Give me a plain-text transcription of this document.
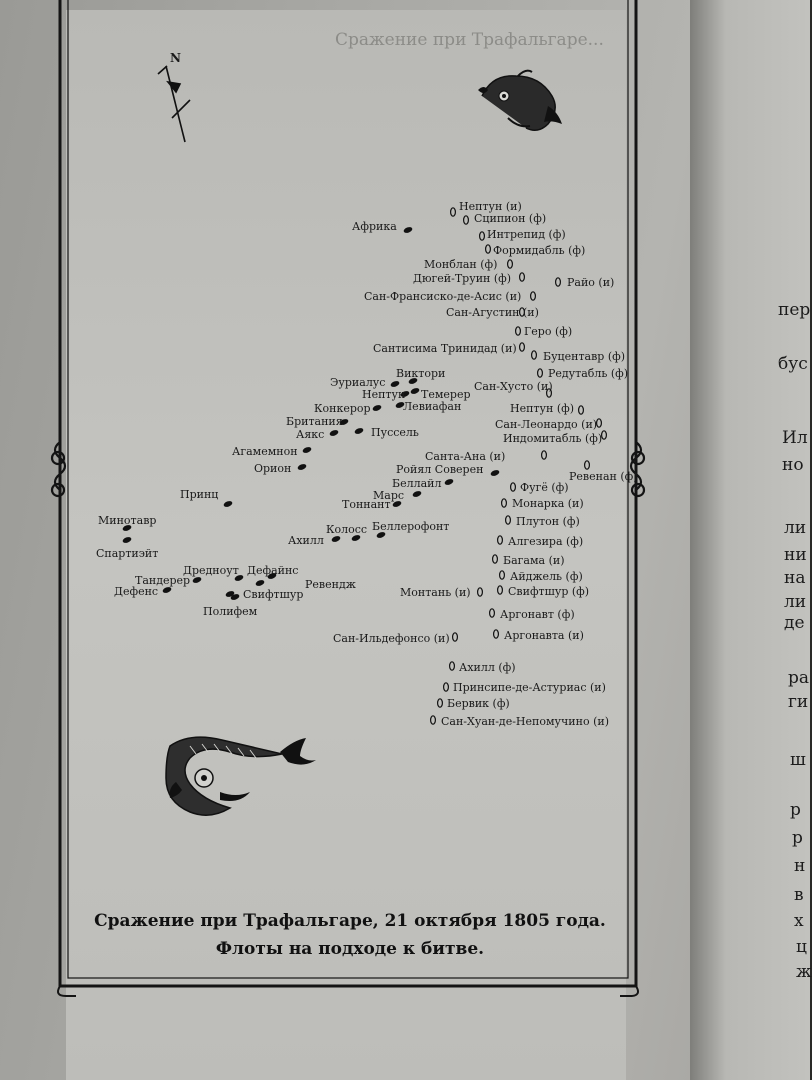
Сражение при Трафальгаре...
Африка
Виктори
Эуриалус
Нептун Темерер
Конкерор	Левиафан
Британия
Аякс	Пуссель
Агамемнон
Орион	Ройял Соверен
Беллайл
Марс
Тоннант
Принц
Минотавр
Спартиэйт
Беллерофонт
Колосс
Ахилл
Дредноут Дефайнс
Тандерер	Ревендж
Дефенс	Свифтшур
Полифем
Нептун (и)
Сципион (ф)
Интрепид (ф)
Формидабль (ф)
Монблан (ф)
Дюгей-Труин (ф)	Райо (и)
Сан-Франсиско-де-Асис (и)
Сан-Агустин (и)
Геро (ф)
Сантисима Тринидад (и)
Буцентавр (ф)
Редутабль (ф)
Сан-Хусто (и)
Нептун (ф)
Сан-Леонардо (и)
Индомитабль (ф)
Санта-Ана (и)
Ревенан (ф)
Фугё (ф)
Монарка (и)
Плутон (ф)
Алгезира (ф)
Багама (и)
Айджель (ф)
Свифтшур (ф)
Монтань (и)
Аргонавт (ф)
Аргонавта (и)
Сан-Ильдефонсо (и)
Ахилл (ф)
Принсипе-де-Астуриас (и)
Бервик (ф)
Сан-Хуан-де-Непомучино (и)
пер
бус
Ил
но
ли
ни
на
ли
де
ра
ги
ш
р
р
н
в
х
ц
ж
Сражение при Трафальгаре, 21 октября 1805 года.
Флоты на подходе к битве.
N
